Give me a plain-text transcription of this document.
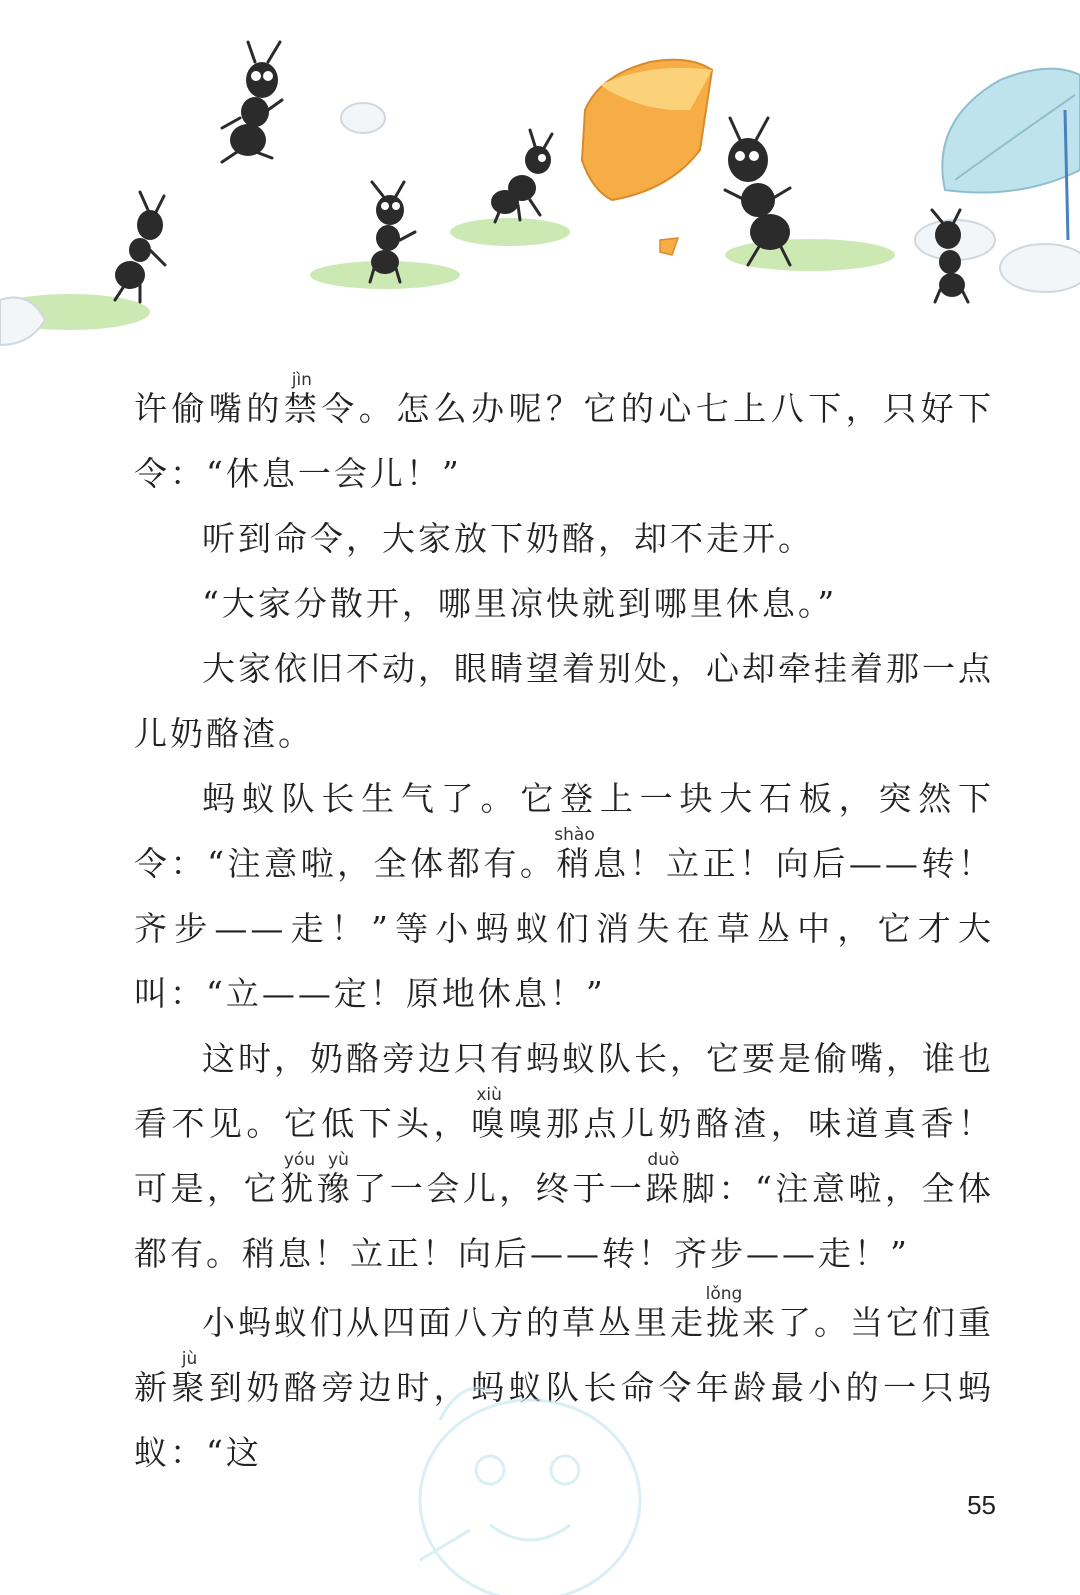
许偷嘴的禁jìn令。怎么办呢？它的心七上八下，只好下令：“休息一会儿！”

听到命令，大家放下奶酪，却不走开。

“大家分散开，哪里凉快就到哪里休息。”

大家依旧不动，眼睛望着别处，心却牵挂着那一点儿奶酪渣。

蚂蚁队长生气了。它登上一块大石板，突然下令：“注意啦，全体都有。稍shào息！立正！向后——转！齐步——走！”等小蚂蚁们消失在草丛中，它才大叫：“立——定！原地休息！”

这时，奶酪旁边只有蚂蚁队长，它要是偷嘴，谁也看不见。它低下头，嗅xiù嗅那点儿奶酪渣，味道真香！可是，它犹豫yóu yù了一会儿，终于一跺duò脚：“注意啦，全体都有。稍息！立正！向后——转！齐步——走！”

小蚂蚁们从四面八方的草丛里走拢lǒng来了。当它们重新聚jù到奶酪旁边时，蚂蚁队长命令年龄最小的一只蚂蚁：“这

55
